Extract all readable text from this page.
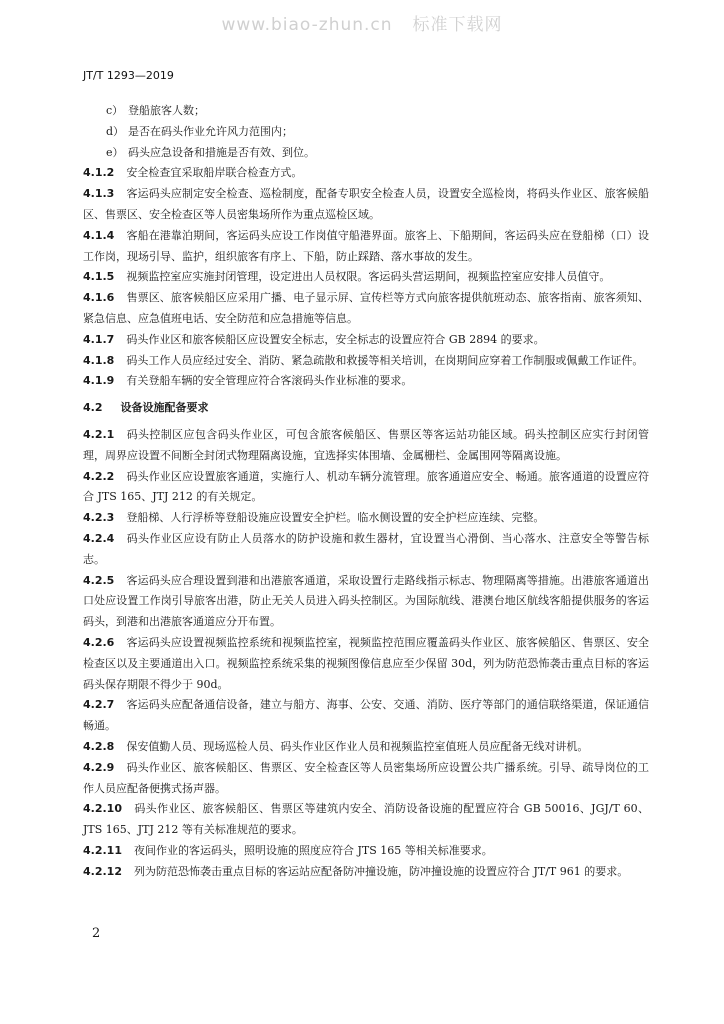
www.biao-zhun.cn 标准下载网
JT/T 1293—2019

c） 登船旅客人数；

d） 是否在码头作业允许风力范围内；

e） 码头应急设备和措施是否有效、到位。

4.1.2 安全检查宜采取船岸联合检查方式。

4.1.3 客运码头应制定安全检查、巡检制度，配备专职安全检查人员，设置安全巡检岗，将码头作业区、旅客候船区、售票区、安全检查区等人员密集场所作为重点巡检区域。

4.1.4 客船在港靠泊期间，客运码头应设工作岗值守船港界面。旅客上、下船期间，客运码头应在登船梯（口）设工作岗，现场引导、监护，组织旅客有序上、下船，防止踩踏、落水事故的发生。

4.1.5 视频监控室应实施封闭管理，设定进出人员权限。客运码头营运期间，视频监控室应安排人员值守。

4.1.6 售票区、旅客候船区应采用广播、电子显示屏、宣传栏等方式向旅客提供航班动态、旅客指南、旅客须知、紧急信息、应急值班电话、安全防范和应急措施等信息。

4.1.7 码头作业区和旅客候船区应设置安全标志，安全标志的设置应符合 GB 2894 的要求。

4.1.8 码头工作人员应经过安全、消防、紧急疏散和救援等相关培训，在岗期间应穿着工作制服或佩戴工作证件。

4.1.9 有关登船车辆的安全管理应符合客滚码头作业标准的要求。

4.2 设备设施配备要求

4.2.1 码头控制区应包含码头作业区，可包含旅客候船区、售票区等客运站功能区域。码头控制区应实行封闭管理，周界应设置不间断全封闭式物理隔离设施，宜选择实体围墙、金属栅栏、金属围网等隔离设施。

4.2.2 码头作业区应设置旅客通道，实施行人、机动车辆分流管理。旅客通道应安全、畅通。旅客通道的设置应符合 JTS 165、JTJ 212 的有关规定。

4.2.3 登船梯、人行浮桥等登船设施应设置安全护栏。临水侧设置的安全护栏应连续、完整。

4.2.4 码头作业区应设有防止人员落水的防护设施和救生器材，宜设置当心滑倒、当心落水、注意安全等警告标志。

4.2.5 客运码头应合理设置到港和出港旅客通道，采取设置行走路线指示标志、物理隔离等措施。出港旅客通道出口处应设置工作岗引导旅客出港，防止无关人员进入码头控制区。为国际航线、港澳台地区航线客船提供服务的客运码头，到港和出港旅客通道应分开布置。

4.2.6 客运码头应设置视频监控系统和视频监控室，视频监控范围应覆盖码头作业区、旅客候船区、售票区、安全检查区以及主要通道出入口。视频监控系统采集的视频图像信息应至少保留 30d，列为防范恐怖袭击重点目标的客运码头保存期限不得少于 90d。

4.2.7 客运码头应配备通信设备，建立与船方、海事、公安、交通、消防、医疗等部门的通信联络渠道，保证通信畅通。

4.2.8 保安值勤人员、现场巡检人员、码头作业区作业人员和视频监控室值班人员应配备无线对讲机。

4.2.9 码头作业区、旅客候船区、售票区、安全检查区等人员密集场所应设置公共广播系统。引导、疏导岗位的工作人员应配备便携式扬声器。

4.2.10 码头作业区、旅客候船区、售票区等建筑内安全、消防设备设施的配置应符合 GB 50016、JGJ/T 60、JTS 165、JTJ 212 等有关标准规范的要求。

4.2.11 夜间作业的客运码头，照明设施的照度应符合 JTS 165 等相关标准要求。

4.2.12 列为防范恐怖袭击重点目标的客运站应配备防冲撞设施，防冲撞设施的设置应符合 JT/T 961 的要求。

2
